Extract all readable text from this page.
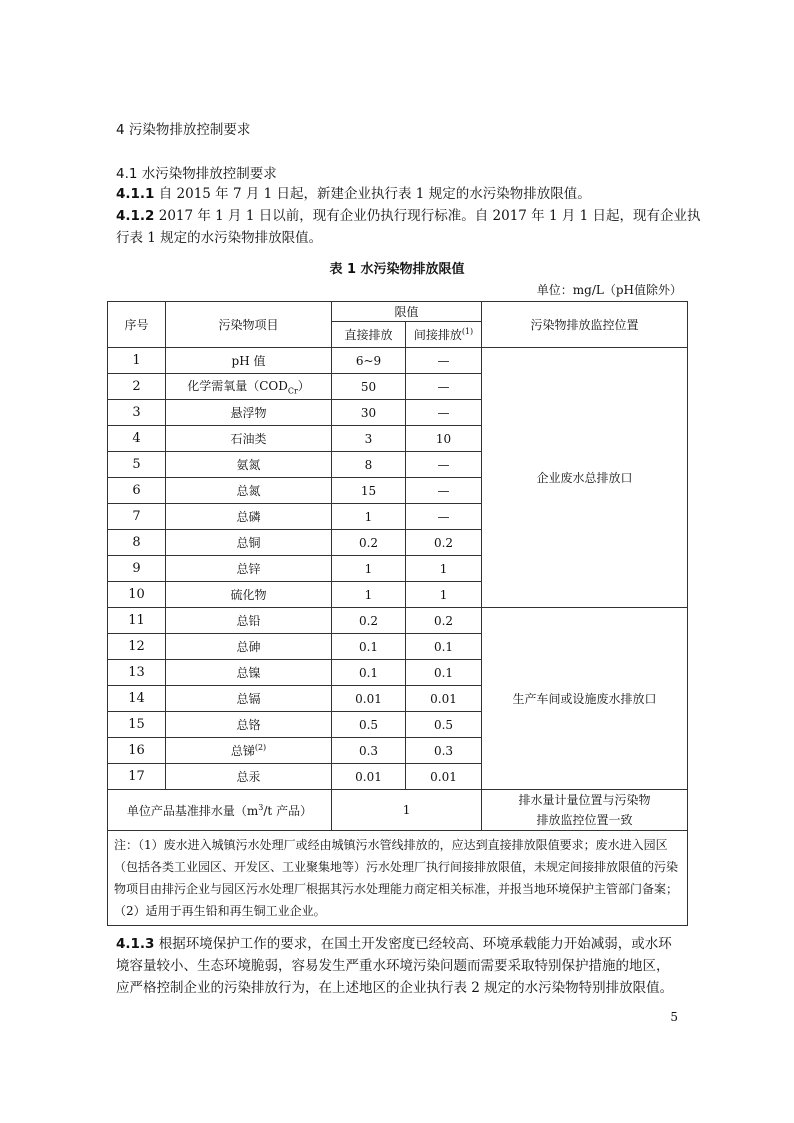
4 污染物排放控制要求
4.1 水污染物排放控制要求
4.1.1 自 2015 年 7 月 1 日起，新建企业执行表 1 规定的水污染物排放限值。
4.1.2 2017 年 1 月 1 日以前，现有企业仍执行现行标准。自 2017 年 1 月 1 日起，现有企业执
行表 1 规定的水污染物排放限值。
表 1 水污染物排放限值
单位：mg/L（pH值除外）
序号	污染物项目	限值		污染物排放监控位置
		直接排放	间接排放$^{(1)}$
1	pH 值	6~9	—	企业废水总排放口
2	化学需氧量$(COD_{Cr})$	50	—	
3	悬浮物	30	—	
4	石油类	3	10	
5	氨氮	8	—	
6	总氮	15	—	
7	总磷	1	—	
8	总铜	0.2	0.2	
9	总锌	1	1	
10	硫化物	1	1	
11	总铅	0.2	0.2	生产车间或设施废水排放口
12	总砷	0.1	0.1	
13	总镍	0.1	0.1	
14	总镉	0.01	0.01	
15	总铬	0.5	0.5	
16	总锑$^{(2)}$	0.3	0.3	
17	总汞	0.01	0.01	
单位产品基准排水量（$m^3/t$ 产品）		1		排水量计量位置与污染物
排放监控位置一致

注：（1）废水进入城镇污水处理厂或经由城镇污水管线排放的，应达到直接排放限值要求；废水进入园区（包括各类工业园区、开发区、工业聚集地等）污水处理厂执行间接排放限值，未规定间接排放限值的污染物项目由排污企业与园区污水处理厂根据其污水处理能力商定相关标准，并报当地环境保护主管部门备案；（2）适用于再生铅和再生铜工业企业。				
5
4.1.3 根据环境保护工作的要求，在国土开发密度已经较高、环境承载能力开始减弱，或水环
境容量较小、生态环境脆弱，容易发生严重水环境污染问题而需要采取特别保护措施的地区，
应严格控制企业的污染排放行为，在上述地区的企业执行表 2 规定的水污染物特别排放限值。
